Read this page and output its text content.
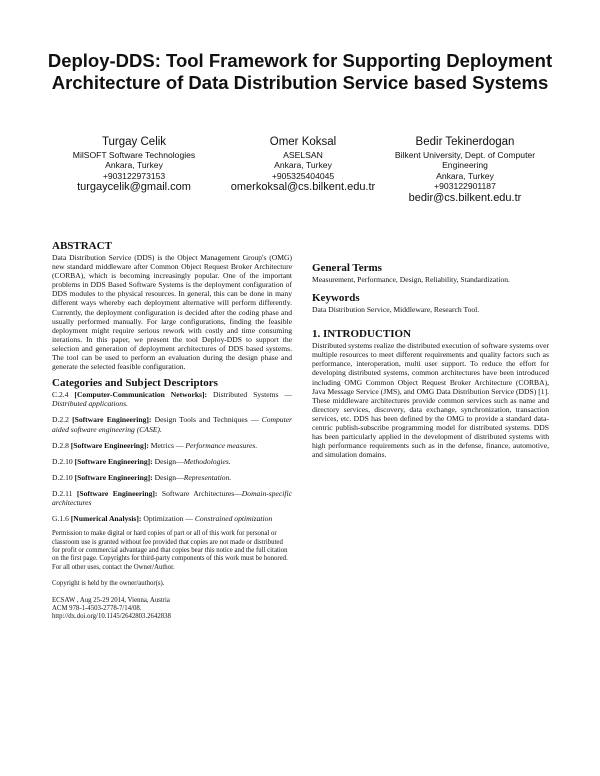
Deploy-DDS: Tool Framework for Supporting Deployment
Architecture of Data Distribution Service based Systems
Turgay Celik
MilSOFT Software Technologies
Ankara, Turkey
+903122973153
turgaycelik@gmail.com
Omer Koksal
ASELSAN
Ankara, Turkey
+905325404045
omerkoksal@cs.bilkent.edu.tr
Bedir Tekinerdogan
Bilkent University, Dept. of Computer
Engineering
Ankara, Turkey
+903122901187
bedir@cs.bilkent.edu.tr
ABSTRACT

Data Distribution Service (DDS) is the Object Management Group's (OMG) new standard middleware after Common Object Request Broker Architecture (CORBA), which is becoming increasingly popular. One of the important problems in DDS Based Software Systems is the deployment configuration of DDS modules to the physical resources. In general, this can be done in many different ways whereby each deployment alternative will perform differently. Currently, the deployment configuration is decided after the coding phase and usually performed manually. For large configurations, finding the feasible deployment might require serious rework with costly and time consuming iterations. In this paper, we present the tool Deploy-DDS to support the selection and generation of deployment architectures of DDS based systems. The tool can be used to perform an evaluation during the design phase and generate the selected feasible configuration.

Categories and Subject Descriptors

C.2.4 [Computer-Communication Networks]: Distributed Systems — Distributed applications.

D.2.2 [Software Engineering]: Design Tools and Techniques — Computer aided software engineering (CASE).

D.2.8 [Software Engineering]: Metrics — Performance measures.

D.2.10 [Software Engineering]: Design—Methodologies.

D.2.10 [Software Engineering]: Design—Representation.

D.2.11 [Software Engineering]: Software Architectures—Domain-specific architectures

G.1.6 [Numerical Analysis]: Optimization — Constrained optimization

Permission to make digital or hard copies of part or all of this work for personal or classroom use is granted without fee provided that copies are not made or distributed for profit or commercial advantage and that copies bear this notice and the full citation on the first page. Copyrights for third-party components of this work must be honored. For all other uses, contact the Owner/Author.
Copyright is held by the owner/author(s).
ECSAW , Aug 25-29 2014, Vienna, Austria
ACM 978-1-4503-2778-7/14/08.
http://dx.doi.org/10.1145/2642803.2642838
General Terms

Measurement, Performance, Design, Reliability, Standardization.

Keywords

Data Distribution Service, Middleware, Research Tool.

1. INTRODUCTION

Distributed systems realize the distributed execution of software systems over multiple resources to meet different requirements and quality factors such as performance, interoperation, multi user support. To reduce the effort for developing distributed systems, common architectures have been introduced including OMG Common Object Request Broker Architecture (CORBA), Java Message Service (JMS), and OMG Data Distribution Service (DDS) [1]. These middleware architectures provide common services such as name and directory services, discovery, data exchange, synchronization, transaction services, etc. DDS has been defined by the OMG to provide a standard data-centric publish-subscribe programming model for distributed systems. DDS has been particularly applied in the development of distributed systems with high performance requirements such as in the defense, finance, automotive, and simulation domains.
